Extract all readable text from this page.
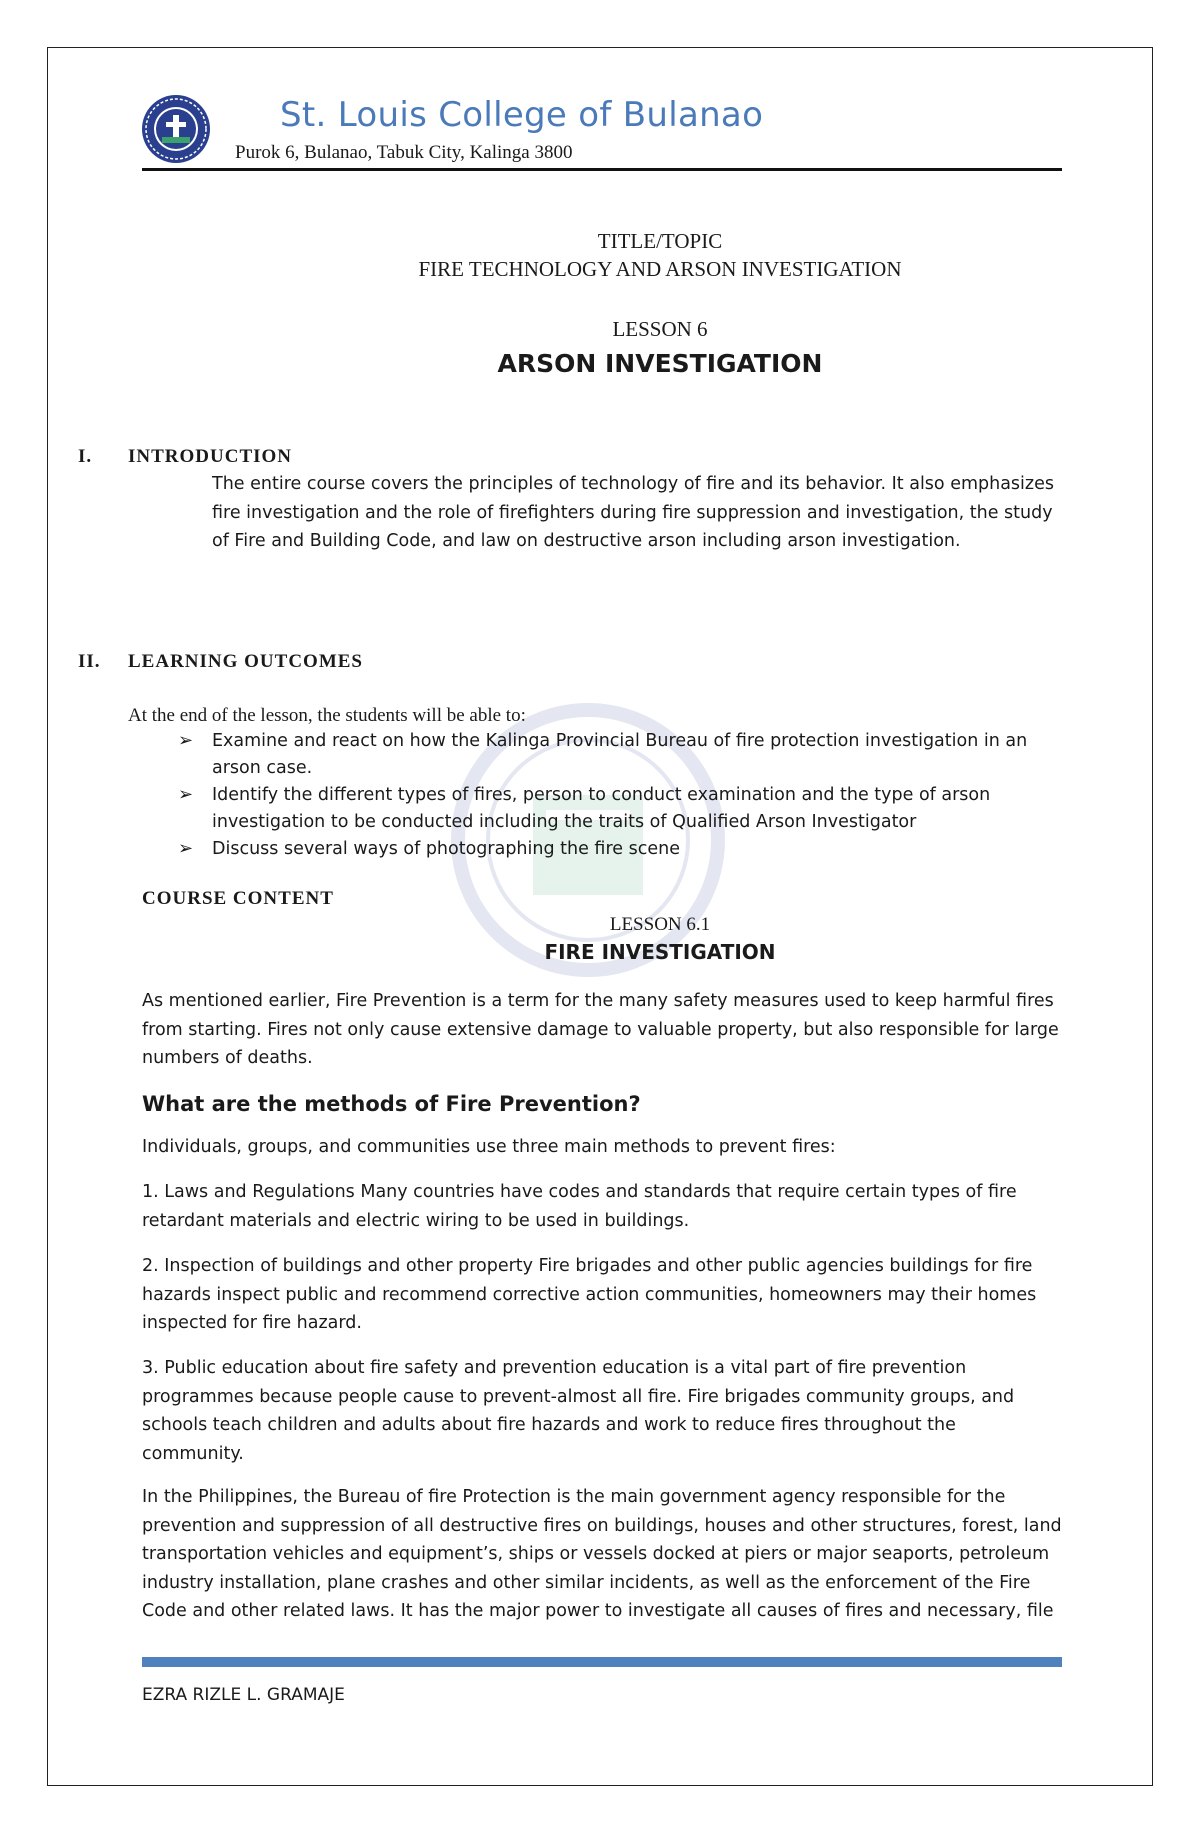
St. Louis College of Bulanao
Purok 6, Bulanao, Tabuk City, Kalinga 3800
TITLE/TOPIC
FIRE TECHNOLOGY AND ARSON INVESTIGATION
LESSON 6
ARSON INVESTIGATION
I. INTRODUCTION
The entire course covers the principles of technology of fire and its behavior. It also emphasizes
fire investigation and the role of firefighters during fire suppression and investigation, the study
of Fire and Building Code, and law on destructive arson including arson investigation.
II. LEARNING OUTCOMES
At the end of the lesson, the students will be able to:
➢ Examine and react on how the Kalinga Provincial Bureau of fire protection investigation in an
arson case.
➢ Identify the different types of fires, person to conduct examination and the type of arson
investigation to be conducted including the traits of Qualified Arson Investigator
➢ Discuss several ways of photographing the fire scene
COURSE CONTENT
LESSON 6.1
FIRE INVESTIGATION
As mentioned earlier, Fire Prevention is a term for the many safety measures used to keep harmful fires
from starting. Fires not only cause extensive damage to valuable property, but also responsible for large
numbers of deaths.
What are the methods of Fire Prevention?
Individuals, groups, and communities use three main methods to prevent fires:
1. Laws and Regulations Many countries have codes and standards that require certain types of fire
retardant materials and electric wiring to be used in buildings.
2. Inspection of buildings and other property Fire brigades and other public agencies buildings for fire
hazards inspect public and recommend corrective action communities, homeowners may their homes
inspected for fire hazard.
3. Public education about fire safety and prevention education is a vital part of fire prevention
programmes because people cause to prevent-almost all fire. Fire brigades community groups, and
schools teach children and adults about fire hazards and work to reduce fires throughout the
community.
In the Philippines, the Bureau of fire Protection is the main government agency responsible for the
prevention and suppression of all destructive fires on buildings, houses and other structures, forest, land
transportation vehicles and equipment’s, ships or vessels docked at piers or major seaports, petroleum
industry installation, plane crashes and other similar incidents, as well as the enforcement of the Fire
Code and other related laws. It has the major power to investigate all causes of fires and necessary, file
EZRA RIZLE L. GRAMAJE
